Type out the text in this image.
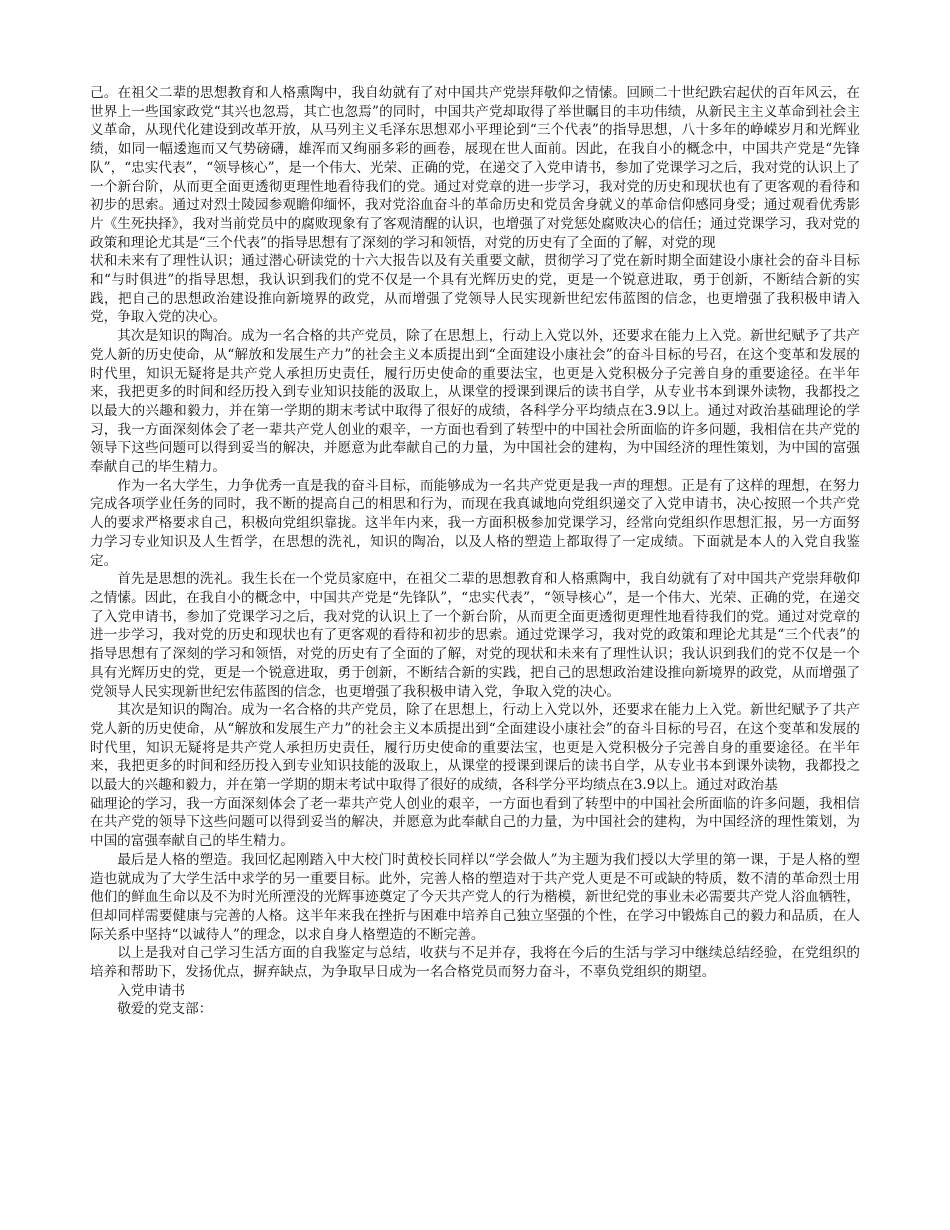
己。在祖父二辈的思想教育和人格熏陶中，我自幼就有了对中国共产党崇拜敬仰之情愫。回顾二十世纪跌宕起伏的百年风云，在世界上一些国家政党“其兴也忽焉，其亡也忽焉”的同时，中国共产党却取得了举世瞩目的丰功伟绩，从新民主主义革命到社会主义革命，从现代化建设到改革开放，从马列主义毛泽东思想邓小平理论到“三个代表”的指导思想，八十多年的峥嵘岁月和光辉业绩，如同一幅逶迤而又气势磅礴，雄浑而又绚丽多彩的画卷，展现在世人面前。因此，在我自小的概念中，中国共产党是“先锋队”，“忠实代表”，“领导核心”，是一个伟大、光荣、正确的党，在递交了入党申请书，参加了党课学习之后，我对党的认识上了一个新台阶，从而更全面更透彻更理性地看待我们的党。通过对党章的进一步学习，我对党的历史和现状也有了更客观的看待和初步的思索。通过对烈士陵园参观瞻仰缅怀，我对党浴血奋斗的革命历史和党员舍身就义的革命信仰感同身受；通过观看优秀影片《生死抉择》，我对当前党员中的腐败现象有了客观清醒的认识，也增强了对党惩处腐败决心的信任；通过党课学习，我对党的政策和理论尤其是“三个代表”的指导思想有了深刻的学习和领悟，对党的历史有了全面的了解，对党的现

状和未来有了理性认识；通过潜心研读党的十六大报告以及有关重要文献，贯彻学习了党在新时期全面建设小康社会的奋斗目标和“与时俱进”的指导思想，我认识到我们的党不仅是一个具有光辉历史的党，更是一个锐意进取，勇于创新，不断结合新的实践，把自己的思想政治建设推向新境界的政党，从而增强了党领导人民实现新世纪宏伟蓝图的信念，也更增强了我积极申请入党，争取入党的决心。

其次是知识的陶冶。成为一名合格的共产党员，除了在思想上，行动上入党以外，还要求在能力上入党。新世纪赋予了共产党人新的历史使命，从“解放和发展生产力”的社会主义本质提出到“全面建设小康社会”的奋斗目标的号召，在这个变革和发展的时代里，知识无疑将是共产党人承担历史责任，履行历史使命的重要法宝，也更是入党积极分子完善自身的重要途径。在半年来，我把更多的时间和经历投入到专业知识技能的汲取上，从课堂的授课到课后的读书自学，从专业书本到课外读物，我都投之以最大的兴趣和毅力，并在第一学期的期末考试中取得了很好的成绩，各科学分平均绩点在3.9以上。通过对政治基础理论的学习，我一方面深刻体会了老一辈共产党人创业的艰辛，一方面也看到了转型中的中国社会所面临的许多问题，我相信在共产党的领导下这些问题可以得到妥当的解决，并愿意为此奉献自己的力量，为中国社会的建构，为中国经济的理性策划，为中国的富强奉献自己的毕生精力。

作为一名大学生，力争优秀一直是我的奋斗目标，而能够成为一名共产党更是我一声的理想。正是有了这样的理想，在努力完成各项学业任务的同时，我不断的提高自己的相思和行为，而现在我真诚地向党组织递交了入党申请书，决心按照一个共产党人的要求严格要求自己，积极向党组织靠拢。这半年内来，我一方面积极参加党课学习，经常向党组织作思想汇报，另一方面努力学习专业知识及人生哲学，在思想的洗礼，知识的陶冶，以及人格的塑造上都取得了一定成绩。下面就是本人的入党自我鉴定。

首先是思想的洗礼。我生长在一个党员家庭中，在祖父二辈的思想教育和人格熏陶中，我自幼就有了对中国共产党崇拜敬仰之情愫。因此，在我自小的概念中，中国共产党是“先锋队”，“忠实代表”，“领导核心”，是一个伟大、光荣、正确的党，在递交了入党申请书，参加了党课学习之后，我对党的认识上了一个新台阶，从而更全面更透彻更理性地看待我们的党。通过对党章的进一步学习，我对党的历史和现状也有了更客观的看待和初步的思索。通过党课学习，我对党的政策和理论尤其是“三个代表”的指导思想有了深刻的学习和领悟，对党的历史有了全面的了解，对党的现状和未来有了理性认识；我认识到我们的党不仅是一个具有光辉历史的党，更是一个锐意进取，勇于创新，不断结合新的实践，把自己的思想政治建设推向新境界的政党，从而增强了党领导人民实现新世纪宏伟蓝图的信念，也更增强了我积极申请入党，争取入党的决心。

其次是知识的陶冶。成为一名合格的共产党员，除了在思想上，行动上入党以外，还要求在能力上入党。新世纪赋予了共产党人新的历史使命，从“解放和发展生产力”的社会主义本质提出到“全面建设小康社会”的奋斗目标的号召，在这个变革和发展的时代里，知识无疑将是共产党人承担历史责任，履行历史使命的重要法宝，也更是入党积极分子完善自身的重要途径。在半年来，我把更多的时间和经历投入到专业知识技能的汲取上，从课堂的授课到课后的读书自学，从专业书本到课外读物，我都投之以最大的兴趣和毅力，并在第一学期的期末考试中取得了很好的成绩，各科学分平均绩点在3.9以上。通过对政治基

础理论的学习，我一方面深刻体会了老一辈共产党人创业的艰辛，一方面也看到了转型中的中国社会所面临的许多问题，我相信在共产党的领导下这些问题可以得到妥当的解决，并愿意为此奉献自己的力量，为中国社会的建构，为中国经济的理性策划，为中国的富强奉献自己的毕生精力。

最后是人格的塑造。我回忆起刚踏入中大校门时黄校长同样以“学会做人”为主题为我们授以大学里的第一课，于是人格的塑造也就成为了大学生活中求学的另一重要目标。此外，完善人格的塑造对于共产党人更是不可或缺的特质，数不清的革命烈士用他们的鲜血生命以及不为时光所湮没的光辉事迹奠定了今天共产党人的行为楷模，新世纪党的事业未必需要共产党人浴血牺牲，但却同样需要健康与完善的人格。这半年来我在挫折与困难中培养自己独立坚强的个性，在学习中锻炼自己的毅力和品质，在人际关系中坚持“以诚待人”的理念，以求自身人格塑造的不断完善。

以上是我对自己学习生活方面的自我鉴定与总结，收获与不足并存，我将在今后的生活与学习中继续总结经验，在党组织的培养和帮助下，发扬优点，摒弃缺点，为争取早日成为一名合格党员而努力奋斗，不辜负党组织的期望。

入党申请书

敬爱的党支部：
